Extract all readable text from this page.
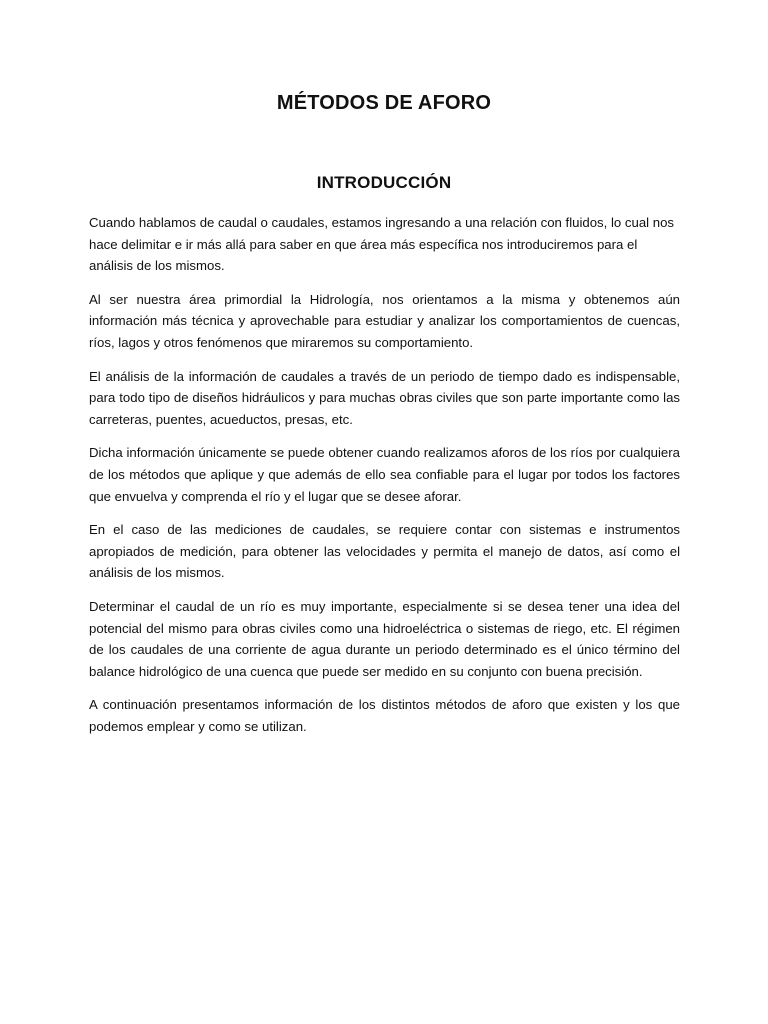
MÉTODOS DE AFORO
INTRODUCCIÓN

Cuando hablamos de caudal o caudales, estamos ingresando a una relación con fluidos, lo cual nos hace delimitar e ir más allá para saber en que área más específica nos introduciremos para el análisis de los mismos.

Al ser nuestra área primordial la Hidrología, nos orientamos a la misma y obtenemos aún información más técnica y aprovechable para estudiar y analizar los comportamientos de cuencas, ríos, lagos y otros fenómenos que miraremos su comportamiento.

El análisis de la información de caudales a través de un periodo de tiempo dado es indispensable, para todo tipo de diseños hidráulicos y para muchas obras civiles que son parte importante como las carreteras, puentes, acueductos, presas, etc.

Dicha información únicamente se puede obtener cuando realizamos aforos de los ríos por cualquiera de los métodos que aplique y que además de ello sea confiable para el lugar por todos los factores que envuelva y comprenda el río y el lugar que se desee aforar.

En el caso de las mediciones de caudales, se requiere contar con sistemas e instrumentos apropiados de medición, para obtener las velocidades y permita el manejo de datos, así como el análisis de los mismos.

Determinar el caudal de un río es muy importante, especialmente si se desea tener una idea del potencial del mismo para obras civiles como una hidroeléctrica o sistemas de riego, etc. El régimen de los caudales de una corriente de agua durante un periodo determinado es el único término del balance hidrológico de una cuenca que puede ser medido en su conjunto con buena precisión.

A continuación presentamos información de los distintos métodos de aforo que existen y los que podemos emplear y como se utilizan.
